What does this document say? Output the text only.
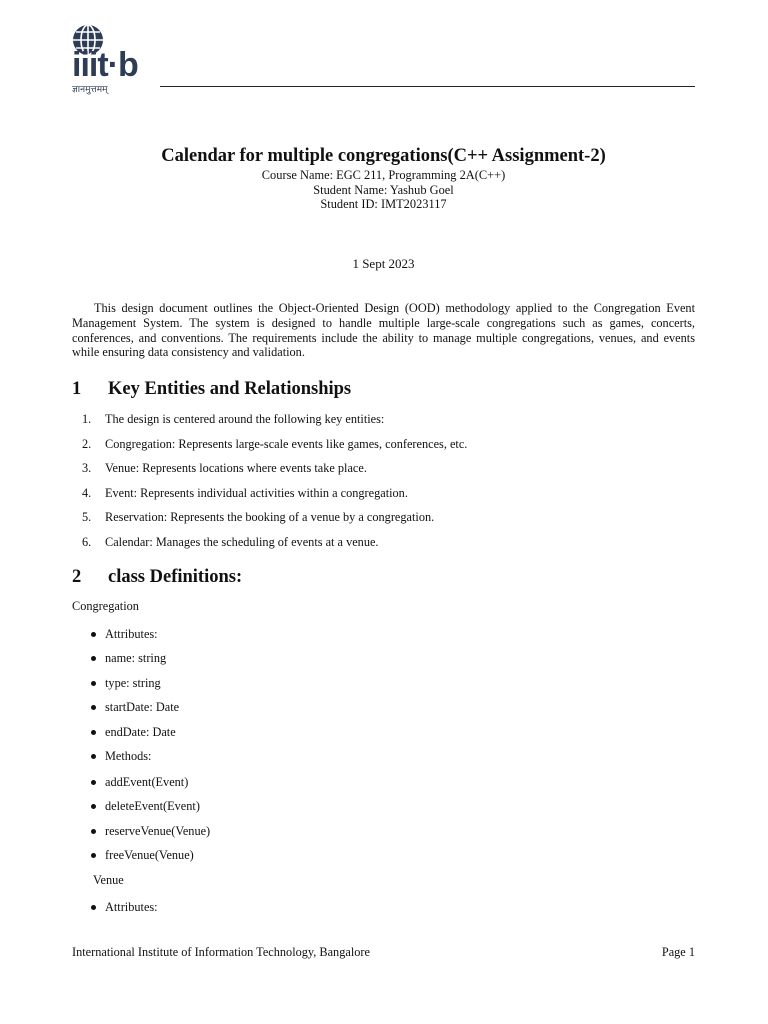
iiit·b
ज्ञानमुत्तमम्
Calendar for multiple congregations(C++ Assignment-2)
Course Name: EGC 211, Programming 2A(C++)
Student Name: Yashub Goel
Student ID: IMT2023117
1 Sept 2023

This design document outlines the Object-Oriented Design (OOD) methodology applied to the Congregation Event Management System. The system is designed to handle multiple large-scale congregations such as games, concerts, conferences, and conventions. The requirements include the ability to manage multiple congregations, venues, and events while ensuring data consistency and validation.

1 Key Entities and Relationships
1. The design is centered around the following key entities:
2. Congregation: Represents large-scale events like games, conferences, etc.
3. Venue: Represents locations where events take place.
4. Event: Represents individual activities within a congregation.
5. Reservation: Represents the booking of a venue by a congregation.
6. Calendar: Manages the scheduling of events at a venue.
2 class Definitions:
Congregation
Attributes:
name: string
type: string
startDate: Date
endDate: Date
Methods:
addEvent(Event)
deleteEvent(Event)
reserveVenue(Venue)
freeVenue(Venue)
Venue
Attributes:
International Institute of Information Technology, Bangalore	Page 1
